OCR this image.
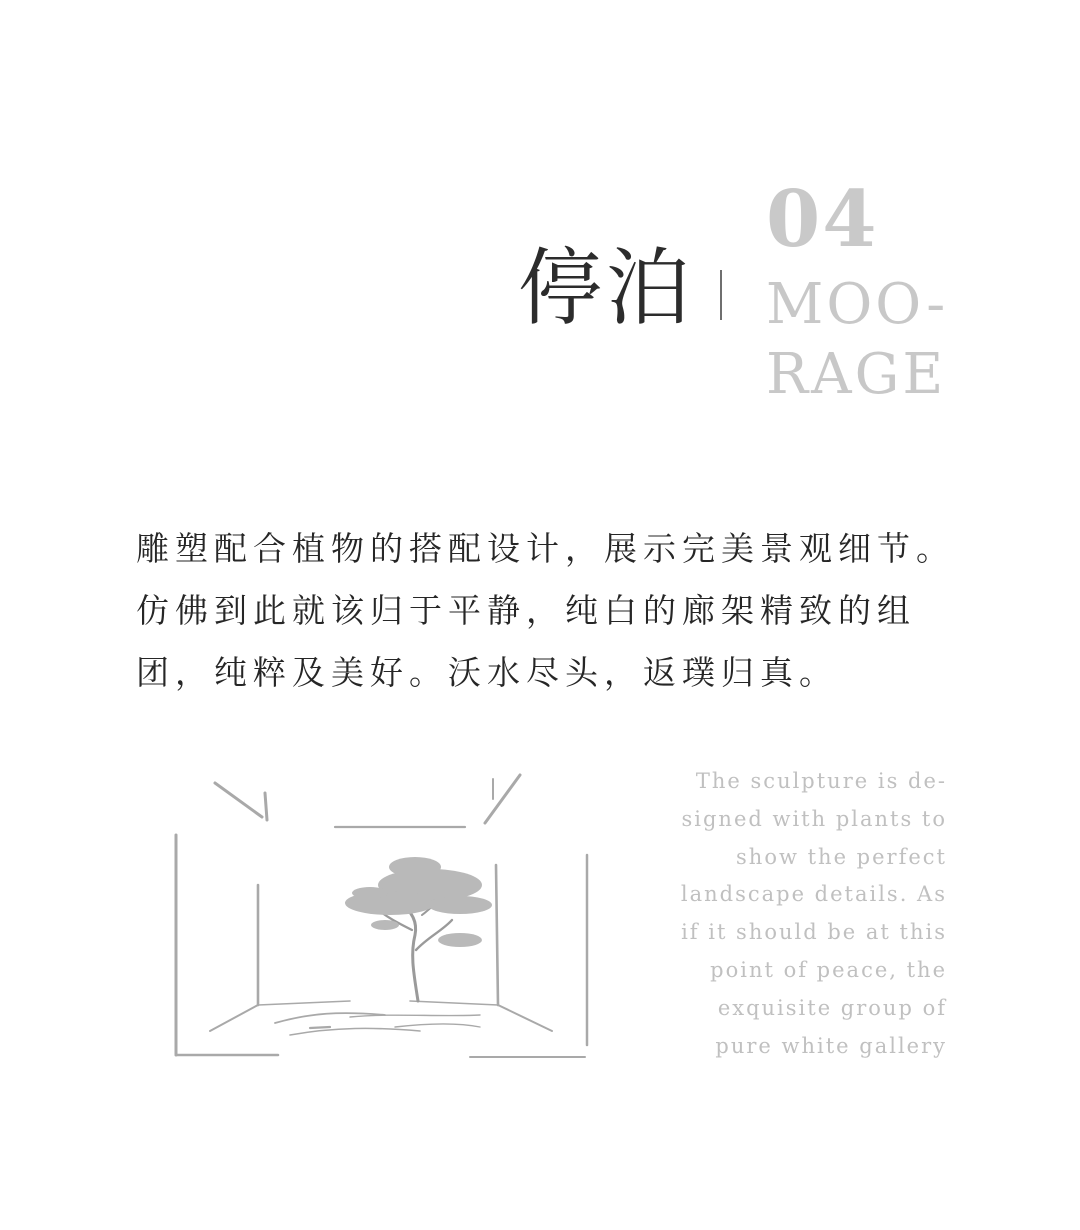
04
停泊 MOO-
RAGE
雕塑配合植物的搭配设计，展示完美景观细节。
仿佛到此就该归于平静，纯白的廊架精致的组
团，纯粹及美好。沃水尽头，返璞归真。
The sculpture is de-
signed with plants to
show the perfect
landscape details. As
if it should be at this
point of peace, the
exquisite group of
pure white gallery
